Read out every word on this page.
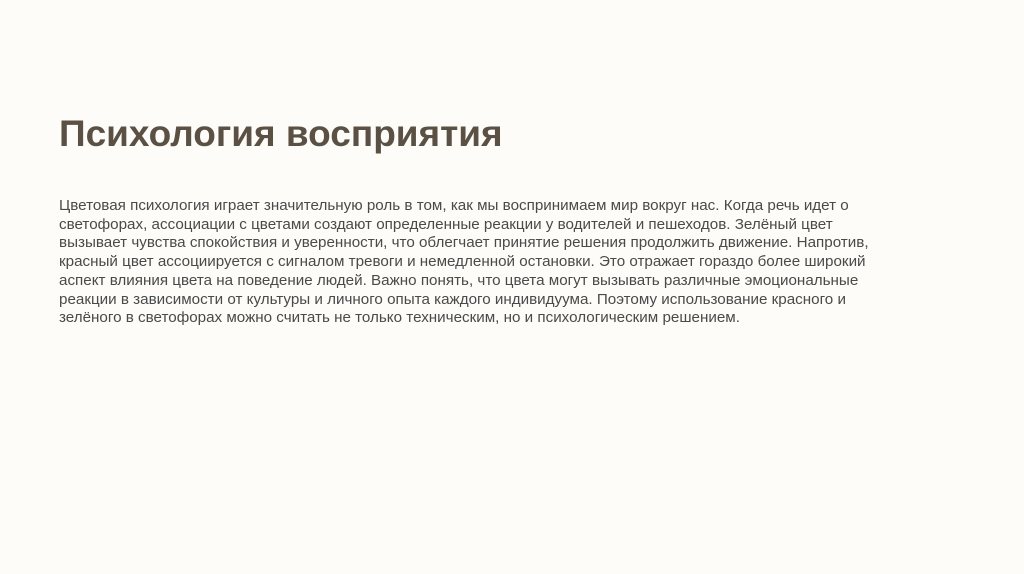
Психология восприятия

Цветовая психология играет значительную роль в том, как мы воспринимаем мир вокруг нас. Когда речь идет о
светофорах, ассоциации с цветами создают определенные реакции у водителей и пешеходов. Зелёный цвет
вызывает чувства спокойствия и уверенности, что облегчает принятие решения продолжить движение. Напротив,
красный цвет ассоциируется с сигналом тревоги и немедленной остановки. Это отражает гораздо более широкий
аспект влияния цвета на поведение людей. Важно понять, что цвета могут вызывать различные эмоциональные
реакции в зависимости от культуры и личного опыта каждого индивидуума. Поэтому использование красного и
зелёного в светофорах можно считать не только техническим, но и психологическим решением.
